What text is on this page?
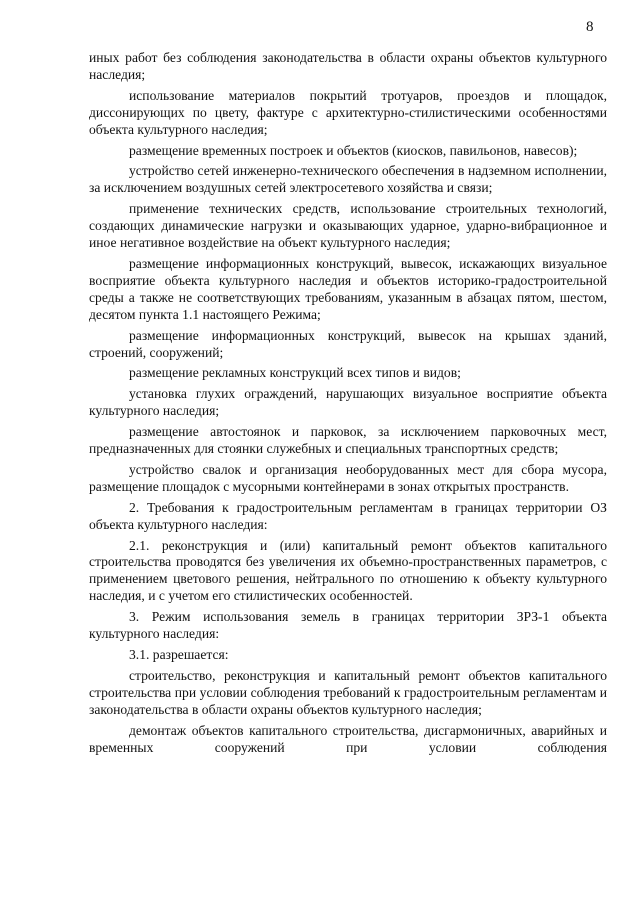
8

иных работ без соблюдения законодательства в области охраны объектов культурного наследия;

использование материалов покрытий тротуаров, проездов и площадок, диссонирующих по цвету, фактуре с архитектурно-стилистическими особенностями объекта культурного наследия;

размещение временных построек и объектов (киосков, павильонов, навесов);

устройство сетей инженерно-технического обеспечения в надземном исполнении, за исключением воздушных сетей электросетевого хозяйства и связи;

применение технических средств, использование строительных технологий, создающих динамические нагрузки и оказывающих ударное, ударно-вибрационное и иное негативное воздействие на объект культурного наследия;

размещение информационных конструкций, вывесок, искажающих визуальное восприятие объекта культурного наследия и объектов историко-градостроительной среды а также не соответствующих требованиям, указанным в абзацах пятом, шестом, десятом пункта 1.1 настоящего Режима;

размещение информационных конструкций, вывесок на крышах зданий, строений, сооружений;

размещение рекламных конструкций всех типов и видов;

установка глухих ограждений, нарушающих визуальное восприятие объекта культурного наследия;

размещение автостоянок и парковок, за исключением парковочных мест, предназначенных для стоянки служебных и специальных транспортных средств;

устройство свалок и организация необорудованных мест для сбора мусора, размещение площадок с мусорными контейнерами в зонах открытых пространств.

2. Требования к градостроительным регламентам в границах территории ОЗ объекта культурного наследия:

2.1. реконструкция и (или) капитальный ремонт объектов капитального строительства проводятся без увеличения их объемно-пространственных параметров, с применением цветового решения, нейтрального по отношению к объекту культурного наследия, и с учетом его стилистических особенностей.

3. Режим использования земель в границах территории ЗРЗ-1 объекта культурного наследия:

3.1. разрешается:

строительство, реконструкция и капитальный ремонт объектов капитального строительства при условии соблюдения требований к градостроительным регламентам и законодательства в области охраны объектов культурного наследия;

демонтаж объектов капитального строительства, дисгармоничных, аварийных и временных сооружений при условии соблюдения
